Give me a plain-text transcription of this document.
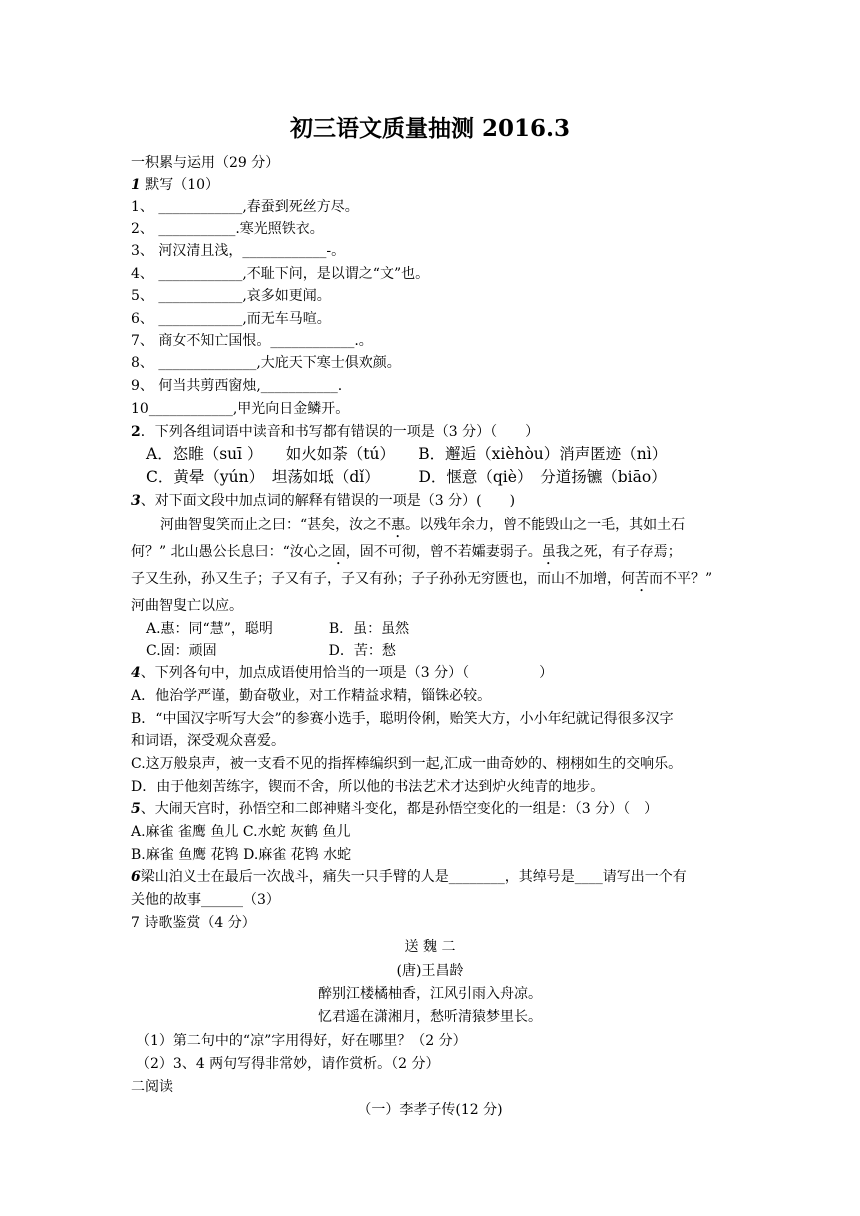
初三语文质量抽测 2016.3
一积累与运用（29 分）
1 默写（10）
1、 ____________,春蚕到死丝方尽。
2、 ___________.寒光照铁衣。
3、 河汉清且浅，____________-。
4、 ____________,不耻下问，是以谓之“文”也。
5、 ____________,哀多如更闻。
6、 ____________,而无车马喧。
7、 商女不知亡国恨。____________.。
8、 ______________,大庇天下寒士俱欢颜。
9、 何当共剪西窗烛,___________.
10____________,甲光向日金鳞开。
2．下列各组词语中读音和书写都有错误的一项是（3 分）（　　）
A．恣睢（suī ）　　如火如荼（tú）　　B．邂逅（xièhòu）消声匿迹（nì）
C．黄晕（yún）　坦荡如坻（dǐ）　　　D．惬意（qiè）　分道扬镳（biāo）
3、对下面文段中加点词的解释有错误的一项是（3 分）(　　)
河曲智叟笑而止之曰：“甚矣，汝之不惠。以残年余力，曾不能毁山之一毛，其如土石
何？” 北山愚公长息曰：“汝心之固，固不可彻，曾不若孀妻弱子。虽我之死，有子存焉；
子又生孙，孙又生子；子又有子，子又有孙；子子孙孙无穷匮也，而山不加增，何苦而不平？”
河曲智叟亡以应。
A.惠：同“慧”，聪明　　　　B．虽：虽然
C.固：顽固　　　　　　　　D．苦：愁
4、下列各句中，加点成语使用恰当的一项是（3 分）（　　　　　）
A．他治学严谨，勤奋敬业，对工作精益求精，锱铢必较。
B．“中国汉字听写大会”的参赛小选手，聪明伶俐，贻笑大方，小小年纪就记得很多汉字
和词语，深受观众喜爱。
C.这万般泉声，被一支看不见的指挥棒编织到一起,汇成一曲奇妙的、栩栩如生的交响乐。
D．由于他刻苦练字，锲而不舍，所以他的书法艺术才达到炉火纯青的地步。
5、大闹天宫时，孙悟空和二郎神赌斗变化，都是孙悟空变化的一组是：（3 分）（　）
A.麻雀 雀鹰 鱼儿 C.水蛇 灰鹤 鱼儿
B.麻雀 鱼鹰 花鸨 D.麻雀 花鸨 水蛇
6梁山泊义士在最后一次战斗，痛失一只手臂的人是________，其绰号是____请写出一个有
关他的故事______（3）
7 诗歌鉴赏（4 分）
送 魏 二
(唐)王昌龄
醉别江楼橘柚香，江风引雨入舟凉。
忆君遥在潇湘月，愁听清猿梦里长。
（1）第二句中的“凉”字用得好，好在哪里？（2 分）
（2）3、4 两句写得非常妙，请作赏析。（2 分）
二阅读
（一）李孝子传(12 分)
